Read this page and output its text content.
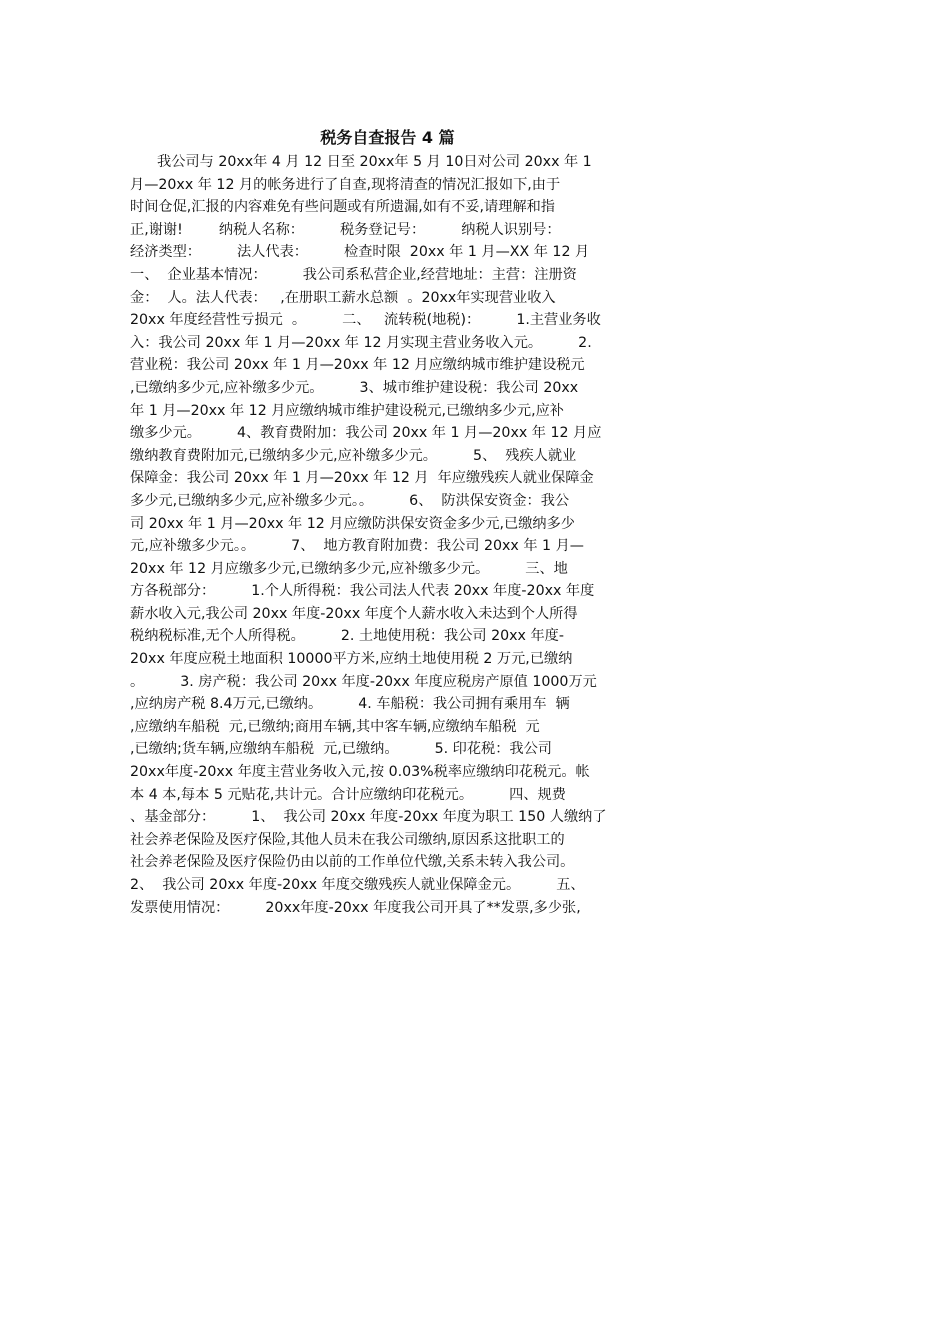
税务自查报告 4 篇
我公司与 20xx年 4 月 12 日至 20xx年 5 月 10日对公司 20xx 年 1
月—20xx 年 12 月的帐务进行了自查,现将清查的情况汇报如下,由于
时间仓促,汇报的内容难免有些问题或有所遗漏,如有不妥,请理解和指
正,谢谢!        纳税人名称：        税务登记号：        纳税人识别号：
经济类型：        法人代表：        检查时限  20xx 年 1 月—XX 年 12 月
一、  企业基本情况：        我公司系私营企业,经营地址：主营：注册资
金：  人。法人代表：   ,在册职工薪水总额  。20xx年实现营业收入
20xx 年度经营性亏损元  。        二、   流转税(地税)：        1.主营业务收
入：我公司 20xx 年 1 月—20xx 年 12 月实现主营业务收入元。        2.
营业税：我公司 20xx 年 1 月—20xx 年 12 月应缴纳城市维护建设税元
,已缴纳多少元,应补缴多少元。        3、城市维护建设税：我公司 20xx
年 1 月—20xx 年 12 月应缴纳城市维护建设税元,已缴纳多少元,应补
缴多少元。        4、教育费附加：我公司 20xx 年 1 月—20xx 年 12 月应
缴纳教育费附加元,已缴纳多少元,应补缴多少元。        5、  残疾人就业
保障金：我公司 20xx 年 1 月—20xx 年 12 月  年应缴残疾人就业保障金
多少元,已缴纳多少元,应补缴多少元。。        6、  防洪保安资金：我公
司 20xx 年 1 月—20xx 年 12 月应缴防洪保安资金多少元,已缴纳多少
元,应补缴多少元。。        7、  地方教育附加费：我公司 20xx 年 1 月—
20xx 年 12 月应缴多少元,已缴纳多少元,应补缴多少元。        三、地
方各税部分：        1.个人所得税：我公司法人代表 20xx 年度-20xx 年度
薪水收入元,我公司 20xx 年度-20xx 年度个人薪水收入未达到个人所得
税纳税标准,无个人所得税。        2. 土地使用税：我公司 20xx 年度-
20xx 年度应税土地面积 10000平方米,应纳土地使用税 2 万元,已缴纳
。        3. 房产税：我公司 20xx 年度-20xx 年度应税房产原值 1000万元
,应纳房产税 8.4万元,已缴纳。        4. 车船税：我公司拥有乘用车  辆
,应缴纳车船税  元,已缴纳;商用车辆,其中客车辆,应缴纳车船税  元
,已缴纳;货车辆,应缴纳车船税  元,已缴纳。        5. 印花税：我公司
20xx年度-20xx 年度主营业务收入元,按 0.03%税率应缴纳印花税元。帐
本 4 本,每本 5 元贴花,共计元。合计应缴纳印花税元。        四、规费
、基金部分：        1、  我公司 20xx 年度-20xx 年度为职工 150 人缴纳了
社会养老保险及医疗保险,其他人员未在我公司缴纳,原因系这批职工的
社会养老保险及医疗保险仍由以前的工作单位代缴,关系未转入我公司。
2、  我公司 20xx 年度-20xx 年度交缴残疾人就业保障金元。        五、
发票使用情况：        20xx年度-20xx 年度我公司开具了**发票,多少张,
